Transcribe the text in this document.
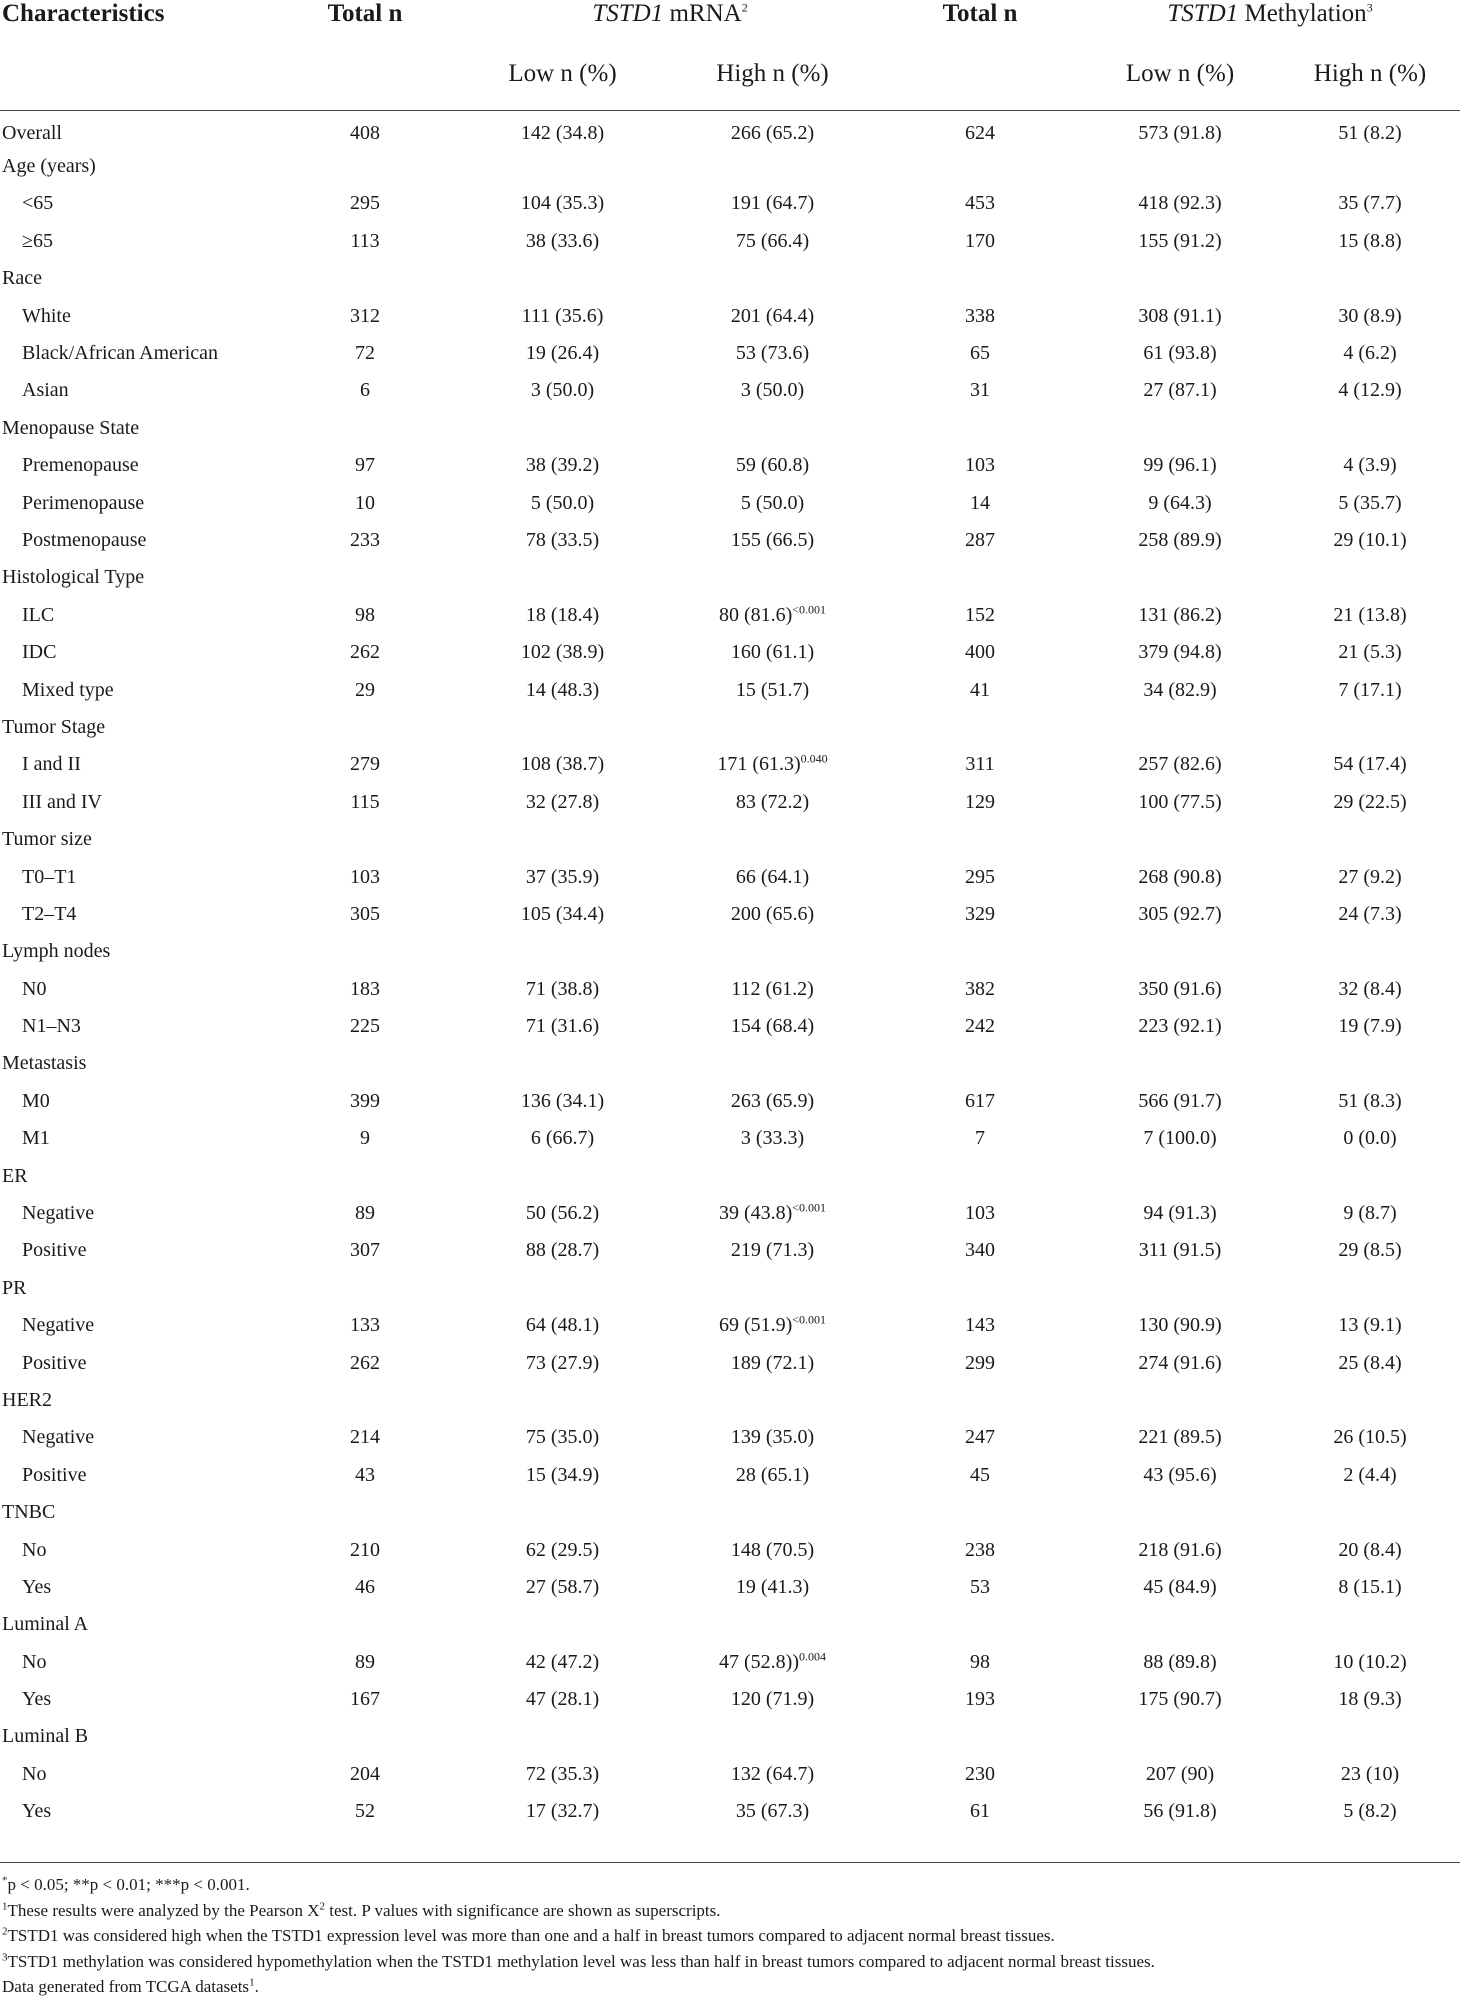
Characteristics	Total n	TSTD1 mRNA$^2$		Total n	TSTD1 Methylation$^3$
		Low n (%)	High n (%)		Low n (%)	High n (%)
Overall	408	142 (34.8)	266 (65.2)	624	573 (91.8)	51 (8.2)
Age (years)						
<65	295	104 (35.3)	191 (64.7)	453	418 (92.3)	35 (7.7)
≥65	113	38 (33.6)	75 (66.4)	170	155 (91.2)	15 (8.8)
Race						
White	312	111 (35.6)	201 (64.4)	338	308 (91.1)	30 (8.9)
Black/African American	72	19 (26.4)	53 (73.6)	65	61 (93.8)	4 (6.2)
Asian	6	3 (50.0)	3 (50.0)	31	27 (87.1)	4 (12.9)
Menopause State						
Premenopause	97	38 (39.2)	59 (60.8)	103	99 (96.1)	4 (3.9)
Perimenopause	10	5 (50.0)	5 (50.0)	14	9 (64.3)	5 (35.7)
Postmenopause	233	78 (33.5)	155 (66.5)	287	258 (89.9)	29 (10.1)
Histological Type						
ILC	98	18 (18.4)	80 $(81.6)^{<0.001}$	152	131 (86.2)	21 (13.8)
IDC	262	102 (38.9)	160 (61.1)	400	379 (94.8)	21 (5.3)
Mixed type	29	14 (48.3)	15 (51.7)	41	34 (82.9)	7 (17.1)
Tumor Stage						
I and II	279	108 (38.7)	171 $(61.3)^{0.040}$	311	257 (82.6)	54 (17.4)
III and IV	115	32 (27.8)	83 (72.2)	129	100 (77.5)	29 (22.5)
Tumor size						
T0–T1	103	37 (35.9)	66 (64.1)	295	268 (90.8)	27 (9.2)
T2–T4	305	105 (34.4)	200 (65.6)	329	305 (92.7)	24 (7.3)
Lymph nodes						
N0	183	71 (38.8)	112 (61.2)	382	350 (91.6)	32 (8.4)
N1–N3	225	71 (31.6)	154 (68.4)	242	223 (92.1)	19 (7.9)
Metastasis						
M0	399	136 (34.1)	263 (65.9)	617	566 (91.7)	51 (8.3)
M1	9	6 (66.7)	3 (33.3)	7	7 (100.0)	0 (0.0)
ER						
Negative	89	50 (56.2)	39 $(43.8)^{<0.001}$	103	94 (91.3)	9 (8.7)
Positive	307	88 (28.7)	219 (71.3)	340	311 (91.5)	29 (8.5)
PR						
Negative	133	64 (48.1)	69 $(51.9)^{<0.001}$	143	130 (90.9)	13 (9.1)
Positive	262	73 (27.9)	189 (72.1)	299	274 (91.6)	25 (8.4)
HER2						
Negative	214	75 (35.0)	139 (35.0)	247	221 (89.5)	26 (10.5)
Positive	43	15 (34.9)	28 (65.1)	45	43 (95.6)	2 (4.4)
TNBC						
No	210	62 (29.5)	148 (70.5)	238	218 (91.6)	20 (8.4)
Yes	46	27 (58.7)	19 (41.3)	53	45 (84.9)	8 (15.1)
Luminal A						
No	89	42 (47.2)	47 (52.8))$^{0.004}$	98	88 (89.8)	10 (10.2)
Yes	167	47 (28.1)	120 (71.9)	193	175 (90.7)	18 (9.3)
Luminal B						
No	204	72 (35.3)	132 (64.7)	230	207 (90)	23 (10)
Yes	52	17 (32.7)	35 (67.3)	61	56 (91.8)	5 (8.2)
*p < 0.05; **p < 0.01; ***p < 0.001.
$^1$These results were analyzed by the Pearson $X^2$ test. P values with significance are shown as superscripts.
$^2$TSTD1 was considered high when the TSTD1 expression level was more than one and a half in breast tumors compared to adjacent normal breast tissues.
$^3$TSTD1 methylation was considered hypomethylation when the TSTD1 methylation level was less than half in breast tumors compared to adjacent normal breast tissues.
Data generated from TCGA datasets$^1$.
